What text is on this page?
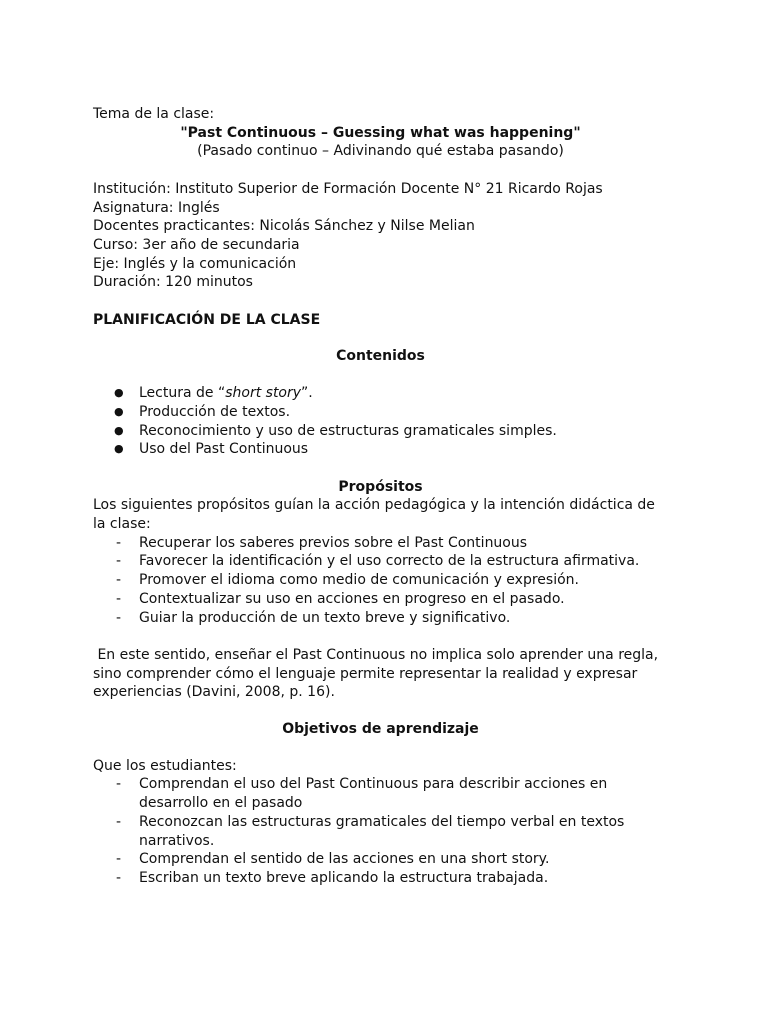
Tema de la clase:

"Past Continuous – Guessing what was happening"

(Pasado continuo – Adivinando qué estaba pasando)

Institución: Instituto Superior de Formación Docente N° 21 Ricardo Rojas

Asignatura: Inglés

Docentes practicantes: Nicolás Sánchez y Nilse Melian

Curso: 3er año de secundaria

Eje: Inglés y la comunicación

Duración: 120 minutos

PLANIFICACIÓN DE LA CLASE

Contenidos

● Lectura de “short story”.
● Producción de textos.
● Reconocimiento y uso de estructuras gramaticales simples.
● Uso del Past Continuous

Propósitos

Los siguientes propósitos guían la acción pedagógica y la intención didáctica de la clase:

- Recuperar los saberes previos sobre el Past Continuous
- Favorecer la identificación y el uso correcto de la estructura afirmativa.
- Promover el idioma como medio de comunicación y expresión.
- Contextualizar su uso en acciones en progreso en el pasado.
- Guiar la producción de un texto breve y significativo.

En este sentido, enseñar el Past Continuous no implica solo aprender una regla, sino comprender cómo el lenguaje permite representar la realidad y expresar experiencias (Davini, 2008, p. 16).

Objetivos de aprendizaje

Que los estudiantes:

- Comprendan el uso del Past Continuous para describir acciones en desarrollo en el pasado
- Reconozcan las estructuras gramaticales del tiempo verbal en textos narrativos.
- Comprendan el sentido de las acciones en una short story.
- Escriban un texto breve aplicando la estructura trabajada.
